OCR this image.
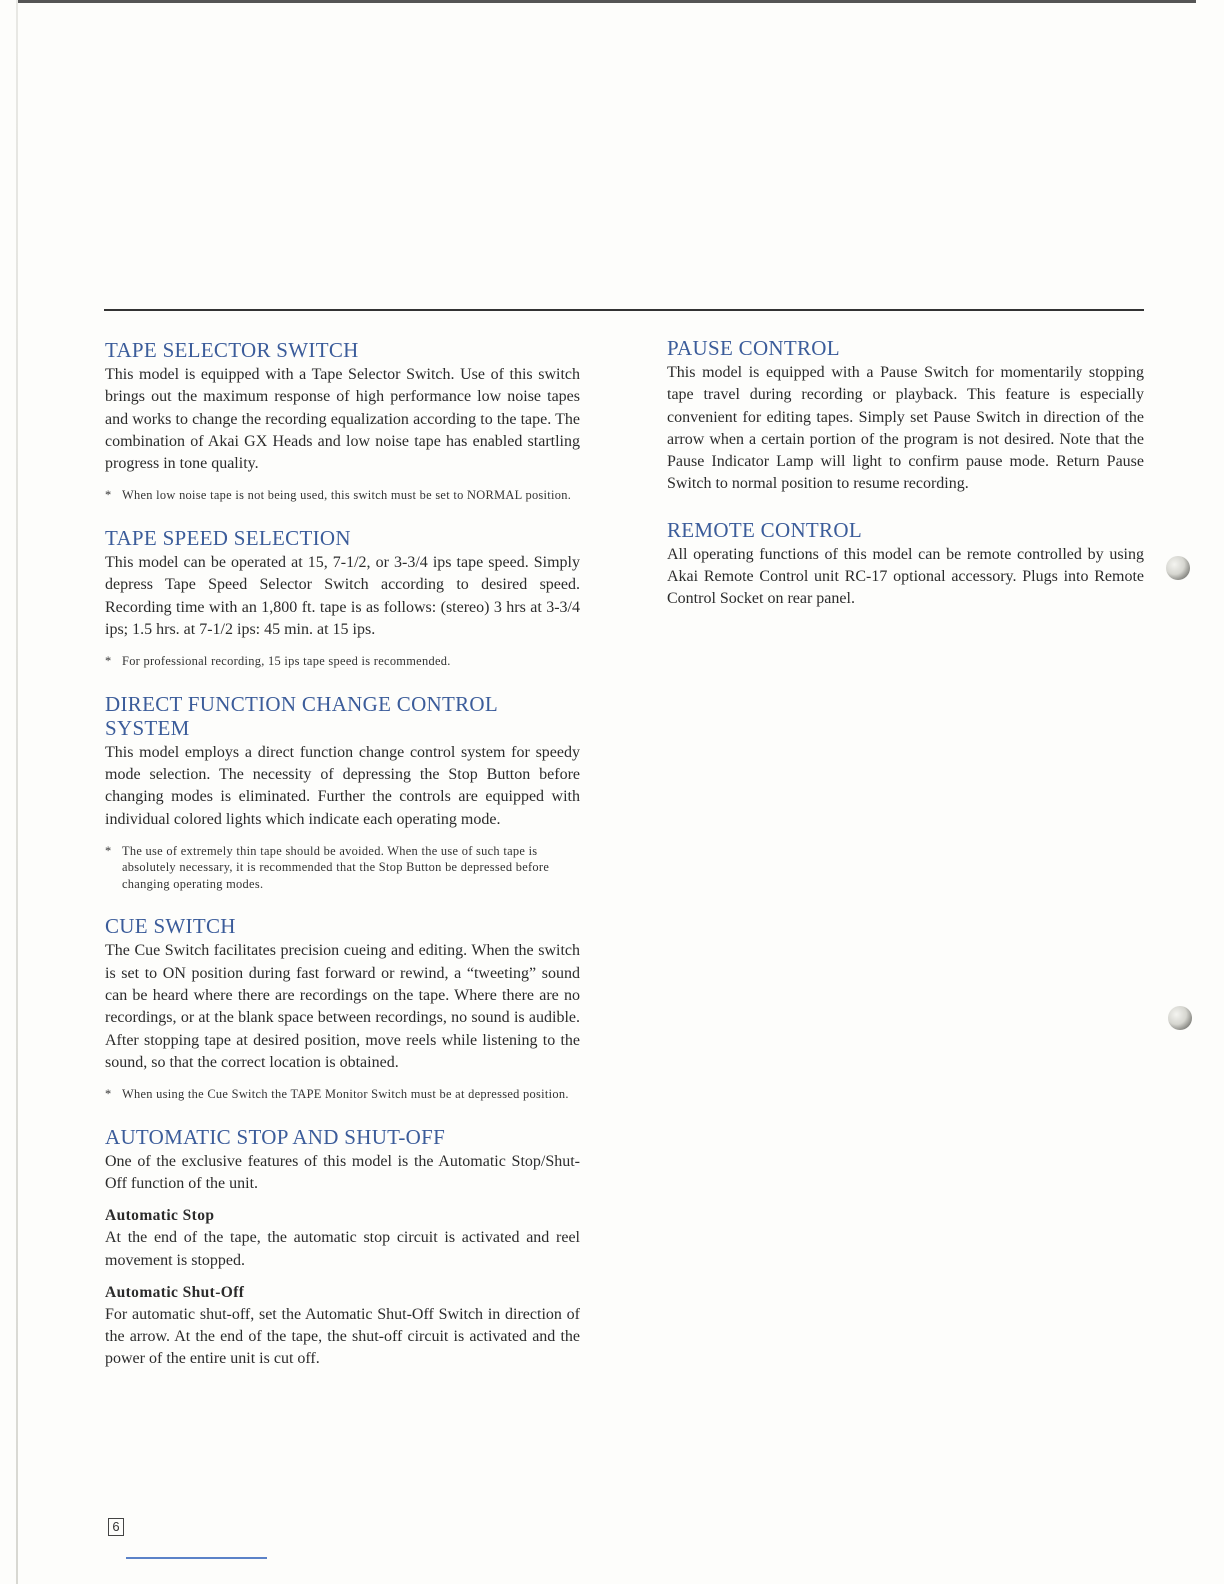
TAPE SELECTOR SWITCH

This model is equipped with a Tape Selector Switch. Use of this switch brings out the maximum response of high performance low noise tapes and works to change the recording equalization according to the tape. The combination of Akai GX Heads and low noise tape has enabled startling progress in tone quality.

* When low noise tape is not being used, this switch must be set to NORMAL position.

TAPE SPEED SELECTION

This model can be operated at 15, 7-1/2, or 3-3/4 ips tape speed. Simply depress Tape Speed Selector Switch according to desired speed. Recording time with an 1,800 ft. tape is as follows: (stereo) 3 hrs at 3-3/4 ips; 1.5 hrs. at 7-1/2 ips: 45 min. at 15 ips.

* For professional recording, 15 ips tape speed is recommended.

DIRECT FUNCTION CHANGE CONTROL SYSTEM

This model employs a direct function change control system for speedy mode selection. The necessity of depressing the Stop Button before changing modes is eliminated. Further the controls are equipped with individual colored lights which indicate each operating mode.

* The use of extremely thin tape should be avoided. When the use of such tape is absolutely necessary, it is recommended that the Stop Button be depressed before changing operating modes.

CUE SWITCH

The Cue Switch facilitates precision cueing and editing. When the switch is set to ON position during fast forward or rewind, a “tweeting” sound can be heard where there are recordings on the tape. Where there are no recordings, or at the blank space between recordings, no sound is audible. After stopping tape at desired position, move reels while listening to the sound, so that the correct location is obtained.

* When using the Cue Switch the TAPE Monitor Switch must be at depressed position.

AUTOMATIC STOP AND SHUT-OFF

One of the exclusive features of this model is the Automatic Stop/Shut-Off function of the unit.

Automatic Stop

At the end of the tape, the automatic stop circuit is activated and reel movement is stopped.

Automatic Shut-Off

For automatic shut-off, set the Automatic Shut-Off Switch in direction of the arrow. At the end of the tape, the shut-off circuit is activated and the power of the entire unit is cut off.

PAUSE CONTROL

This model is equipped with a Pause Switch for momentarily stopping tape travel during recording or playback. This feature is especially convenient for editing tapes. Simply set Pause Switch in direction of the arrow when a certain portion of the program is not desired. Note that the Pause Indicator Lamp will light to confirm pause mode. Return Pause Switch to normal position to resume recording.

REMOTE CONTROL

All operating functions of this model can be remote controlled by using Akai Remote Control unit RC-17 optional accessory. Plugs into Remote Control Socket on rear panel.

6
